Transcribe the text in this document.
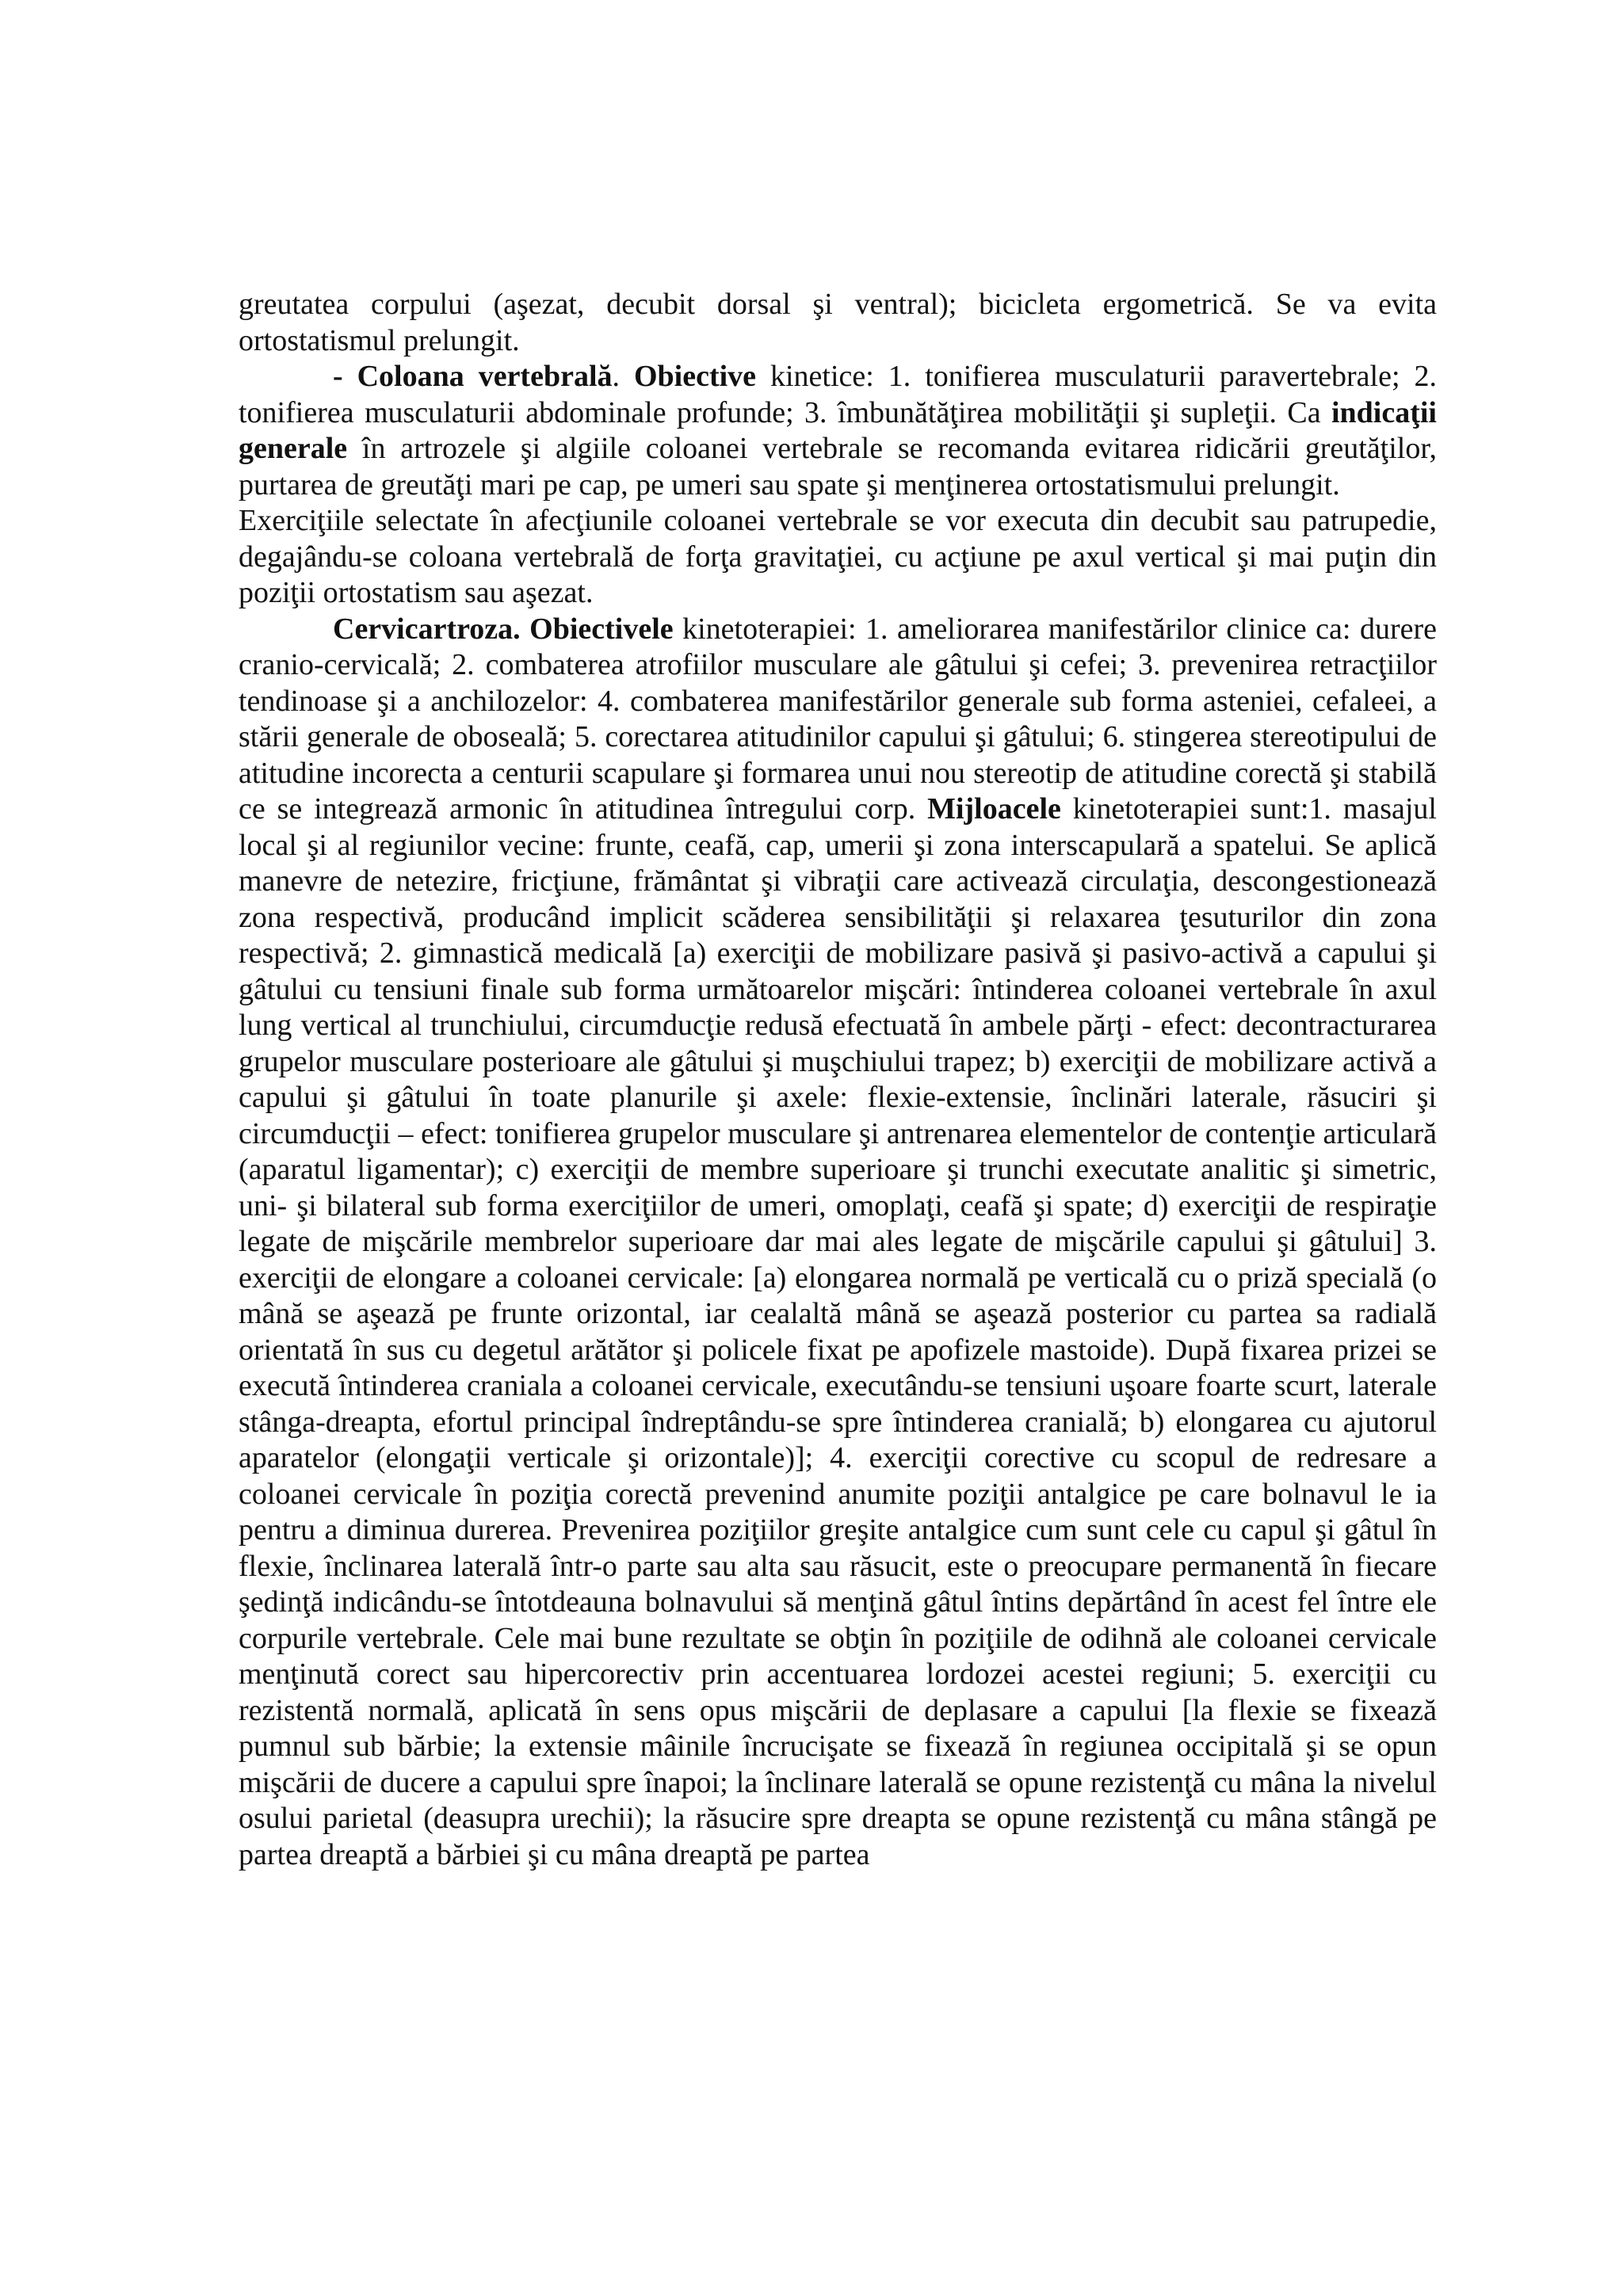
greutatea corpului (aşezat, decubit dorsal şi ventral); bicicleta ergometrică. Se va evita ortostatismul prelungit.

- Coloana vertebrală. Obiective kinetice: 1. tonifierea musculaturii paravertebrale; 2. tonifierea musculaturii abdominale profunde; 3. îmbunătăţirea mobilităţii şi supleţii. Ca indicaţii generale în artrozele şi algiile coloanei vertebrale se recomanda evitarea ridicării greutăţilor, purtarea de greutăţi mari pe cap, pe umeri sau spate şi menţinerea ortostatismului prelungit.

Exerciţiile selectate în afecţiunile coloanei vertebrale se vor executa din decubit sau patrupedie, degajându-se coloana vertebrală de forţa gravitaţiei, cu acţiune pe axul vertical şi mai puţin din poziţii ortostatism sau aşezat.

Cervicartroza. Obiectivele kinetoterapiei: 1. ameliorarea manifestărilor clinice ca: durere cranio-cervicală; 2. combaterea atrofiilor musculare ale gâtului şi cefei; 3. prevenirea retracţiilor tendinoase şi a anchilozelor: 4. combaterea manifestărilor generale sub forma asteniei, cefaleei, a stării generale de oboseală; 5. corectarea atitudinilor capului şi gâtului; 6. stingerea stereotipului de atitudine incorecta a centurii scapulare şi formarea unui nou stereotip de atitudine corectă şi stabilă ce se integrează armonic în atitudinea întregului corp. Mijloacele kinetoterapiei sunt:1. masajul local şi al regiunilor vecine: frunte, ceafă, cap, umerii şi zona interscapulară a spatelui. Se aplică manevre de netezire, fricţiune, frământat şi vibraţii care activează circulaţia, descongestionează zona respectivă, producând implicit scăderea sensibilităţii şi relaxarea ţesuturilor din zona respectivă; 2. gimnastică medicală [a) exerciţii de mobilizare pasivă şi pasivo-activă a capului şi gâtului cu tensiuni finale sub forma următoarelor mişcări: întinderea coloanei vertebrale în axul lung vertical al trunchiului, circumducţie redusă efectuată în ambele părţi - efect: decontracturarea grupelor musculare posterioare ale gâtului şi muşchiului trapez; b) exerciţii de mobilizare activă a capului şi gâtului în toate planurile şi axele: flexie-extensie, înclinări laterale, răsuciri şi circumducţii – efect: tonifierea grupelor musculare şi antrenarea elementelor de contenţie articulară (aparatul ligamentar); c) exerciţii de membre superioare şi trunchi executate analitic şi simetric, uni- şi bilateral sub forma exerciţiilor de umeri, omoplaţi, ceafă şi spate; d) exerciţii de respiraţie legate de mişcările membrelor superioare dar mai ales legate de mişcările capului şi gâtului] 3. exerciţii de elongare a coloanei cervicale: [a) elongarea normală pe verticală cu o priză specială (o mână se aşează pe frunte orizontal, iar cealaltă mână se aşează posterior cu partea sa radială orientată în sus cu degetul arătător şi policele fixat pe apofizele mastoide). După fixarea prizei se execută întinderea craniala a coloanei cervicale, executându-se tensiuni uşoare foarte scurt, laterale stânga-dreapta, efortul principal îndreptându-se spre întinderea cranială; b) elongarea cu ajutorul aparatelor (elongaţii verticale şi orizontale)]; 4. exerciţii corective cu scopul de redresare a coloanei cervicale în poziţia corectă prevenind anumite poziţii antalgice pe care bolnavul le ia pentru a diminua durerea. Prevenirea poziţiilor greşite antalgice cum sunt cele cu capul şi gâtul în flexie, înclinarea laterală într-o parte sau alta sau răsucit, este o preocupare permanentă în fiecare şedinţă indicându-se întotdeauna bolnavului să menţină gâtul întins depărtând în acest fel între ele corpurile vertebrale. Cele mai bune rezultate se obţin în poziţiile de odihnă ale coloanei cervicale menţinută corect sau hipercorectiv prin accentuarea lordozei acestei regiuni; 5. exerciţii cu rezistentă normală, aplicată în sens opus mişcării de deplasare a capului [la flexie se fixează pumnul sub bărbie; la extensie mâinile încrucişate se fixează în regiunea occipitală şi se opun mişcării de ducere a capului spre înapoi; la înclinare laterală se opune rezistenţă cu mâna la nivelul osului parietal (deasupra urechii); la răsucire spre dreapta se opune rezistenţă cu mâna stângă pe partea dreaptă a bărbiei şi cu mâna dreaptă pe partea
